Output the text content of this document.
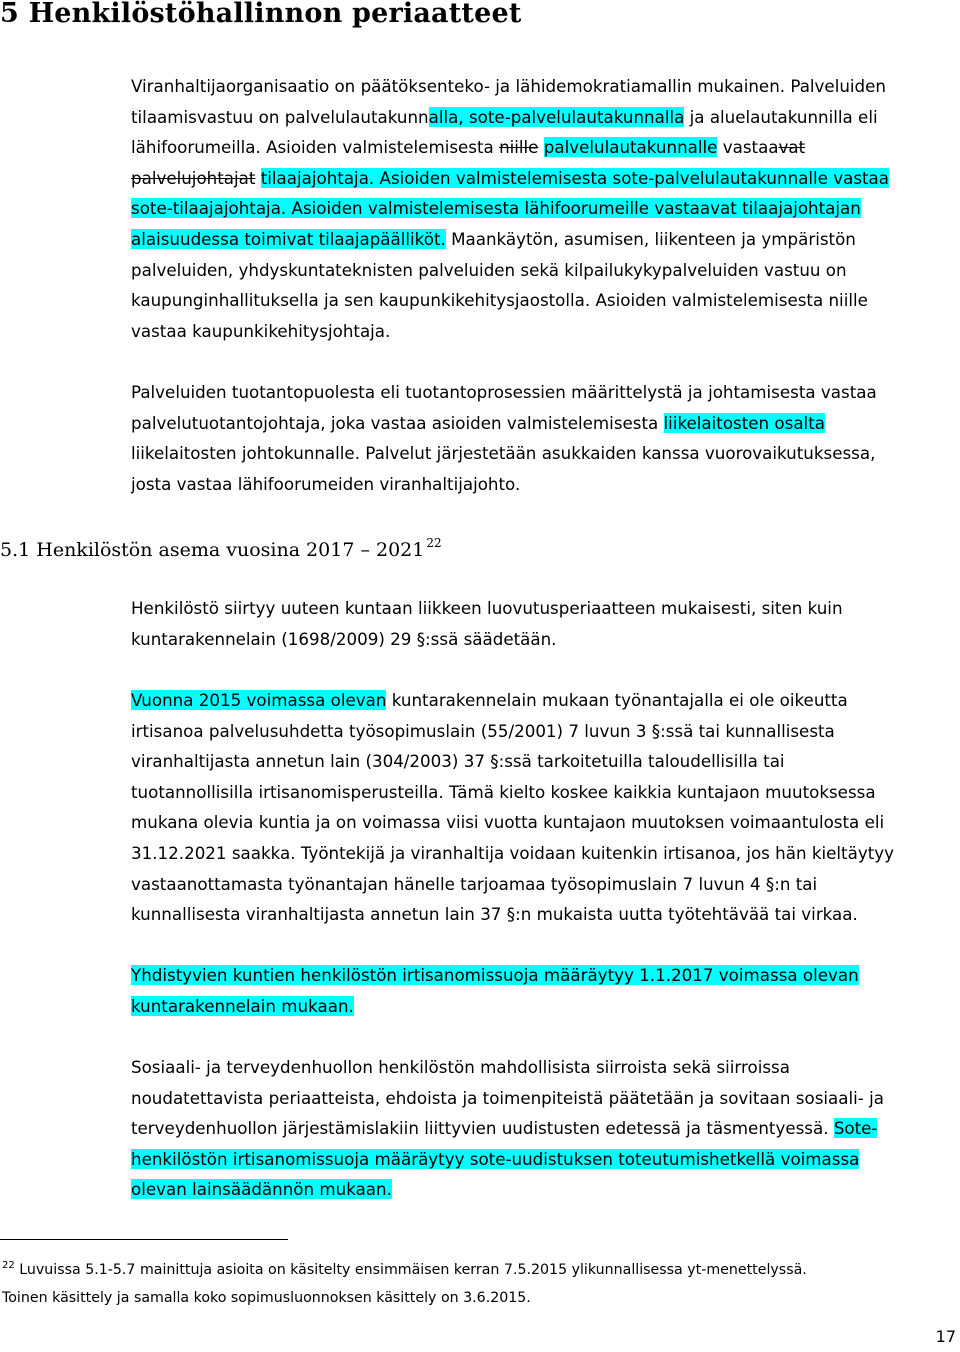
5 Henkilöstöhallinnon periaatteet
Viranhaltijaorganisaatio on päätöksenteko- ja lähidemokratiamallin mukainen. Palveluiden
tilaamisvastuu on palvelulautakunnalla, sote-palvelulautakunnalla ja aluelautakunnilla eli
lähifoorumeilla. Asioiden valmistelemisesta niille palvelulautakunnalle vastaavat
palvelujohtajat tilaajajohtaja. Asioiden valmistelemisesta sote-palvelulautakunnalle vastaa
sote-tilaajajohtaja. Asioiden valmistelemisesta lähifoorumeille vastaavat tilaajajohtajan
alaisuudessa toimivat tilaajapäälliköt. Maankäytön, asumisen, liikenteen ja ympäristön
palveluiden, yhdyskuntateknisten palveluiden sekä kilpailukykypalveluiden vastuu on
kaupunginhallituksella ja sen kaupunkikehitysjaostolla. Asioiden valmistelemisesta niille
vastaa kaupunkikehitysjohtaja.
Palveluiden tuotantopuolesta eli tuotantoprosessien määrittelystä ja johtamisesta vastaa
palvelutuotantojohtaja, joka vastaa asioiden valmistelemisesta liikelaitosten osalta
liikelaitosten johtokunnalle. Palvelut järjestetään asukkaiden kanssa vuorovaikutuksessa,
josta vastaa lähifoorumeiden viranhaltijajohto.
5.1 Henkilöstön asema vuosina 2017 – 2021 $^{22}$
Henkilöstö siirtyy uuteen kuntaan liikkeen luovutusperiaatteen mukaisesti, siten kuin
kuntarakennelain (1698/2009) 29 §:ssä säädetään.
Vuonna 2015 voimassa olevan kuntarakennelain mukaan työnantajalla ei ole oikeutta
irtisanoa palvelusuhdetta työsopimuslain (55/2001) 7 luvun 3 §:ssä tai kunnallisesta
viranhaltijasta annetun lain (304/2003) 37 §:ssä tarkoitetuilla taloudellisilla tai
tuotannollisilla irtisanomisperusteilla. Tämä kielto koskee kaikkia kuntajaon muutoksessa
mukana olevia kuntia ja on voimassa viisi vuotta kuntajaon muutoksen voimaantulosta eli
31.12.2021 saakka. Työntekijä ja viranhaltija voidaan kuitenkin irtisanoa, jos hän kieltäytyy
vastaanottamasta työnantajan hänelle tarjoamaa työsopimuslain 7 luvun 4 §:n tai
kunnallisesta viranhaltijasta annetun lain 37 §:n mukaista uutta työtehtävää tai virkaa.
Yhdistyvien kuntien henkilöstön irtisanomissuoja määräytyy 1.1.2017 voimassa olevan
kuntarakennelain mukaan.
Sosiaali- ja terveydenhuollon henkilöstön mahdollisista siirroista sekä siirroissa
noudatettavista periaatteista, ehdoista ja toimenpiteistä päätetään ja sovitaan sosiaali- ja
terveydenhuollon järjestämislakiin liittyvien uudistusten edetessä ja täsmentyessä. Sote-
henkilöstön irtisanomissuoja määräytyy sote-uudistuksen toteutumishetkellä voimassa
olevan lainsäädännön mukaan.
$^{22}$ Luvuissa 5.1-5.7 mainittuja asioita on käsitelty ensimmäisen kerran 7.5.2015 ylikunnallisessa yt-menettelyssä.
Toinen käsittely ja samalla koko sopimusluonnoksen käsittely on 3.6.2015.
17
